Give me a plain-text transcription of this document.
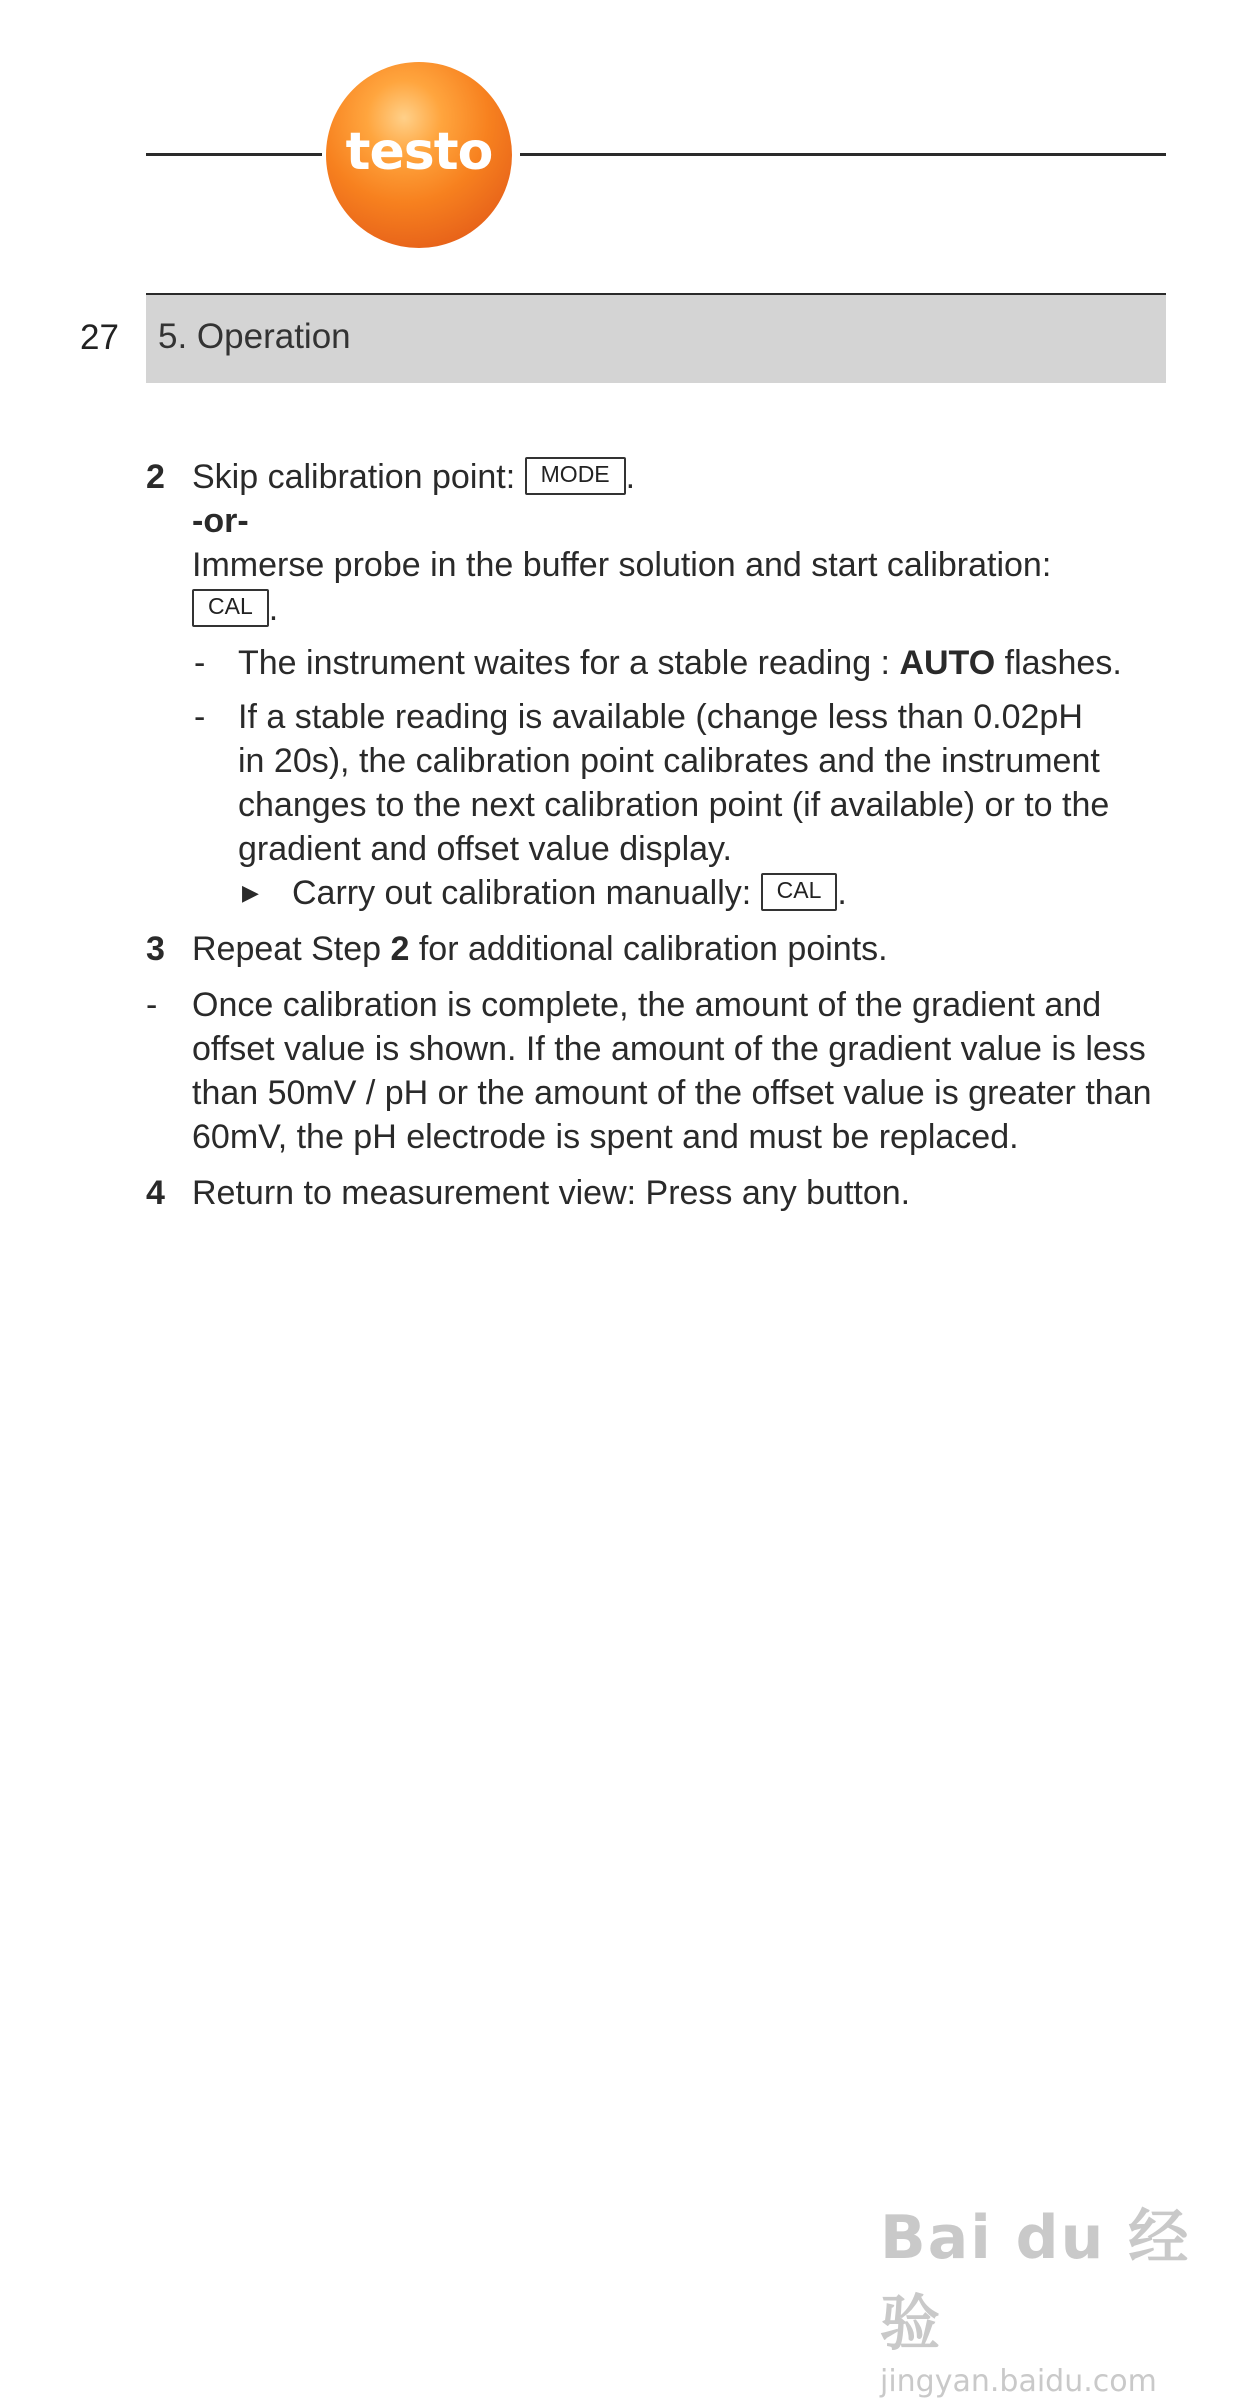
testo
27 5. Operation
2 Skip calibration point: MODE .
-or-
Immerse probe in the buffer solution and start calibration:
CAL .
- The instrument waites for a stable reading : AUTO flashes.
- If a stable reading is available (change less than 0.02pH in 20s), the calibration point calibrates and the instrument changes to the next calibration point (if available) or to the gradient and offset value display.
▶ Carry out calibration manually: CAL .
3 Repeat Step 2 for additional calibration points.
- Once calibration is complete, the amount of the gradient and offset value is shown. If the amount of the gradient value is less than 50mV / pH or the amount of the offset value is greater than 60mV, the pH electrode is spent and must be replaced.
4 Return to measurement view: Press any button.
Bai du 经验
jingyan.baidu.com
